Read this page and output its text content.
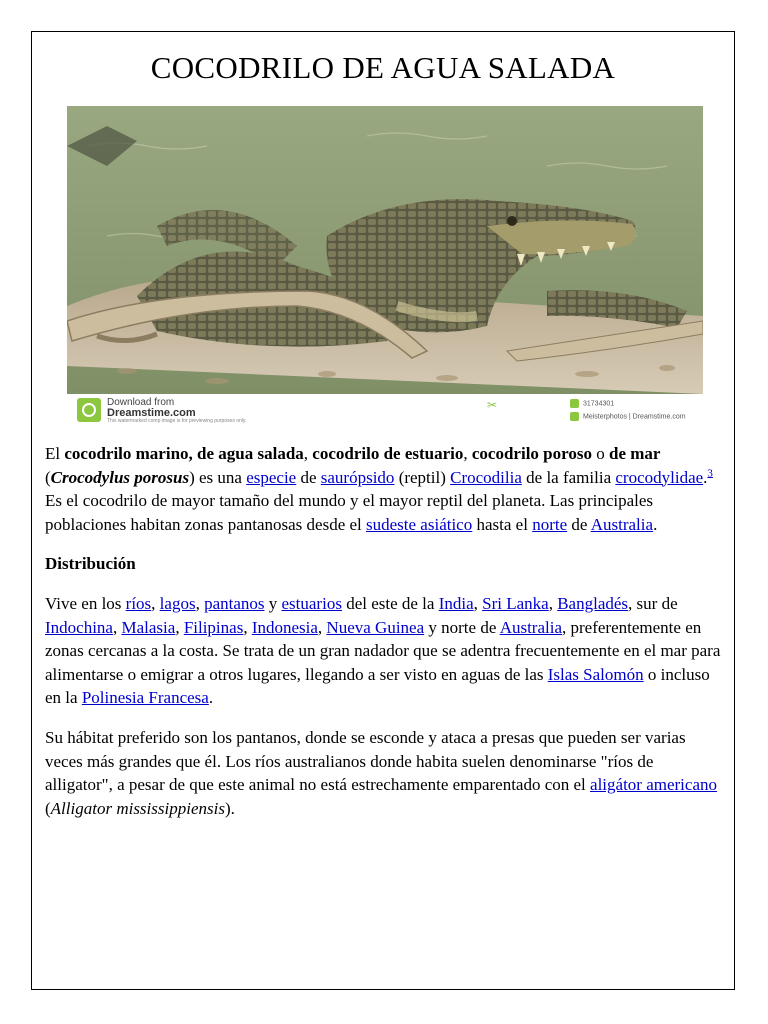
COCODRILO DE AGUA SALADA
Download from
Dreamstime.com
This watermarked comp image is for previewing purposes only.
✂	31734301
Meisterphotos | Dreamstime.com

El cocodrilo marino, de agua salada, cocodrilo de estuario, cocodrilo poroso o de mar (Crocodylus porosus) es una especie de saurópsido (reptil) Crocodilia de la familia crocodylidae.$^3$ Es el cocodrilo de mayor tamaño del mundo y el mayor reptil del planeta. Las principales poblaciones habitan zonas pantanosas desde el sudeste asiático hasta el norte de Australia.

Distribución

Vive en los ríos, lagos, pantanos y estuarios del este de la India, Sri Lanka, Bangladés, sur de Indochina, Malasia, Filipinas, Indonesia, Nueva Guinea y norte de Australia, preferentemente en zonas cercanas a la costa. Se trata de un gran nadador que se adentra frecuentemente en el mar para alimentarse o emigrar a otros lugares, llegando a ser visto en aguas de las Islas Salomón o incluso en la Polinesia Francesa.

Su hábitat preferido son los pantanos, donde se esconde y ataca a presas que pueden ser varias veces más grandes que él. Los ríos australianos donde habita suelen denominarse "ríos de alligator", a pesar de que este animal no está estrechamente emparentado con el aligátor americano (Alligator mississippiensis).
